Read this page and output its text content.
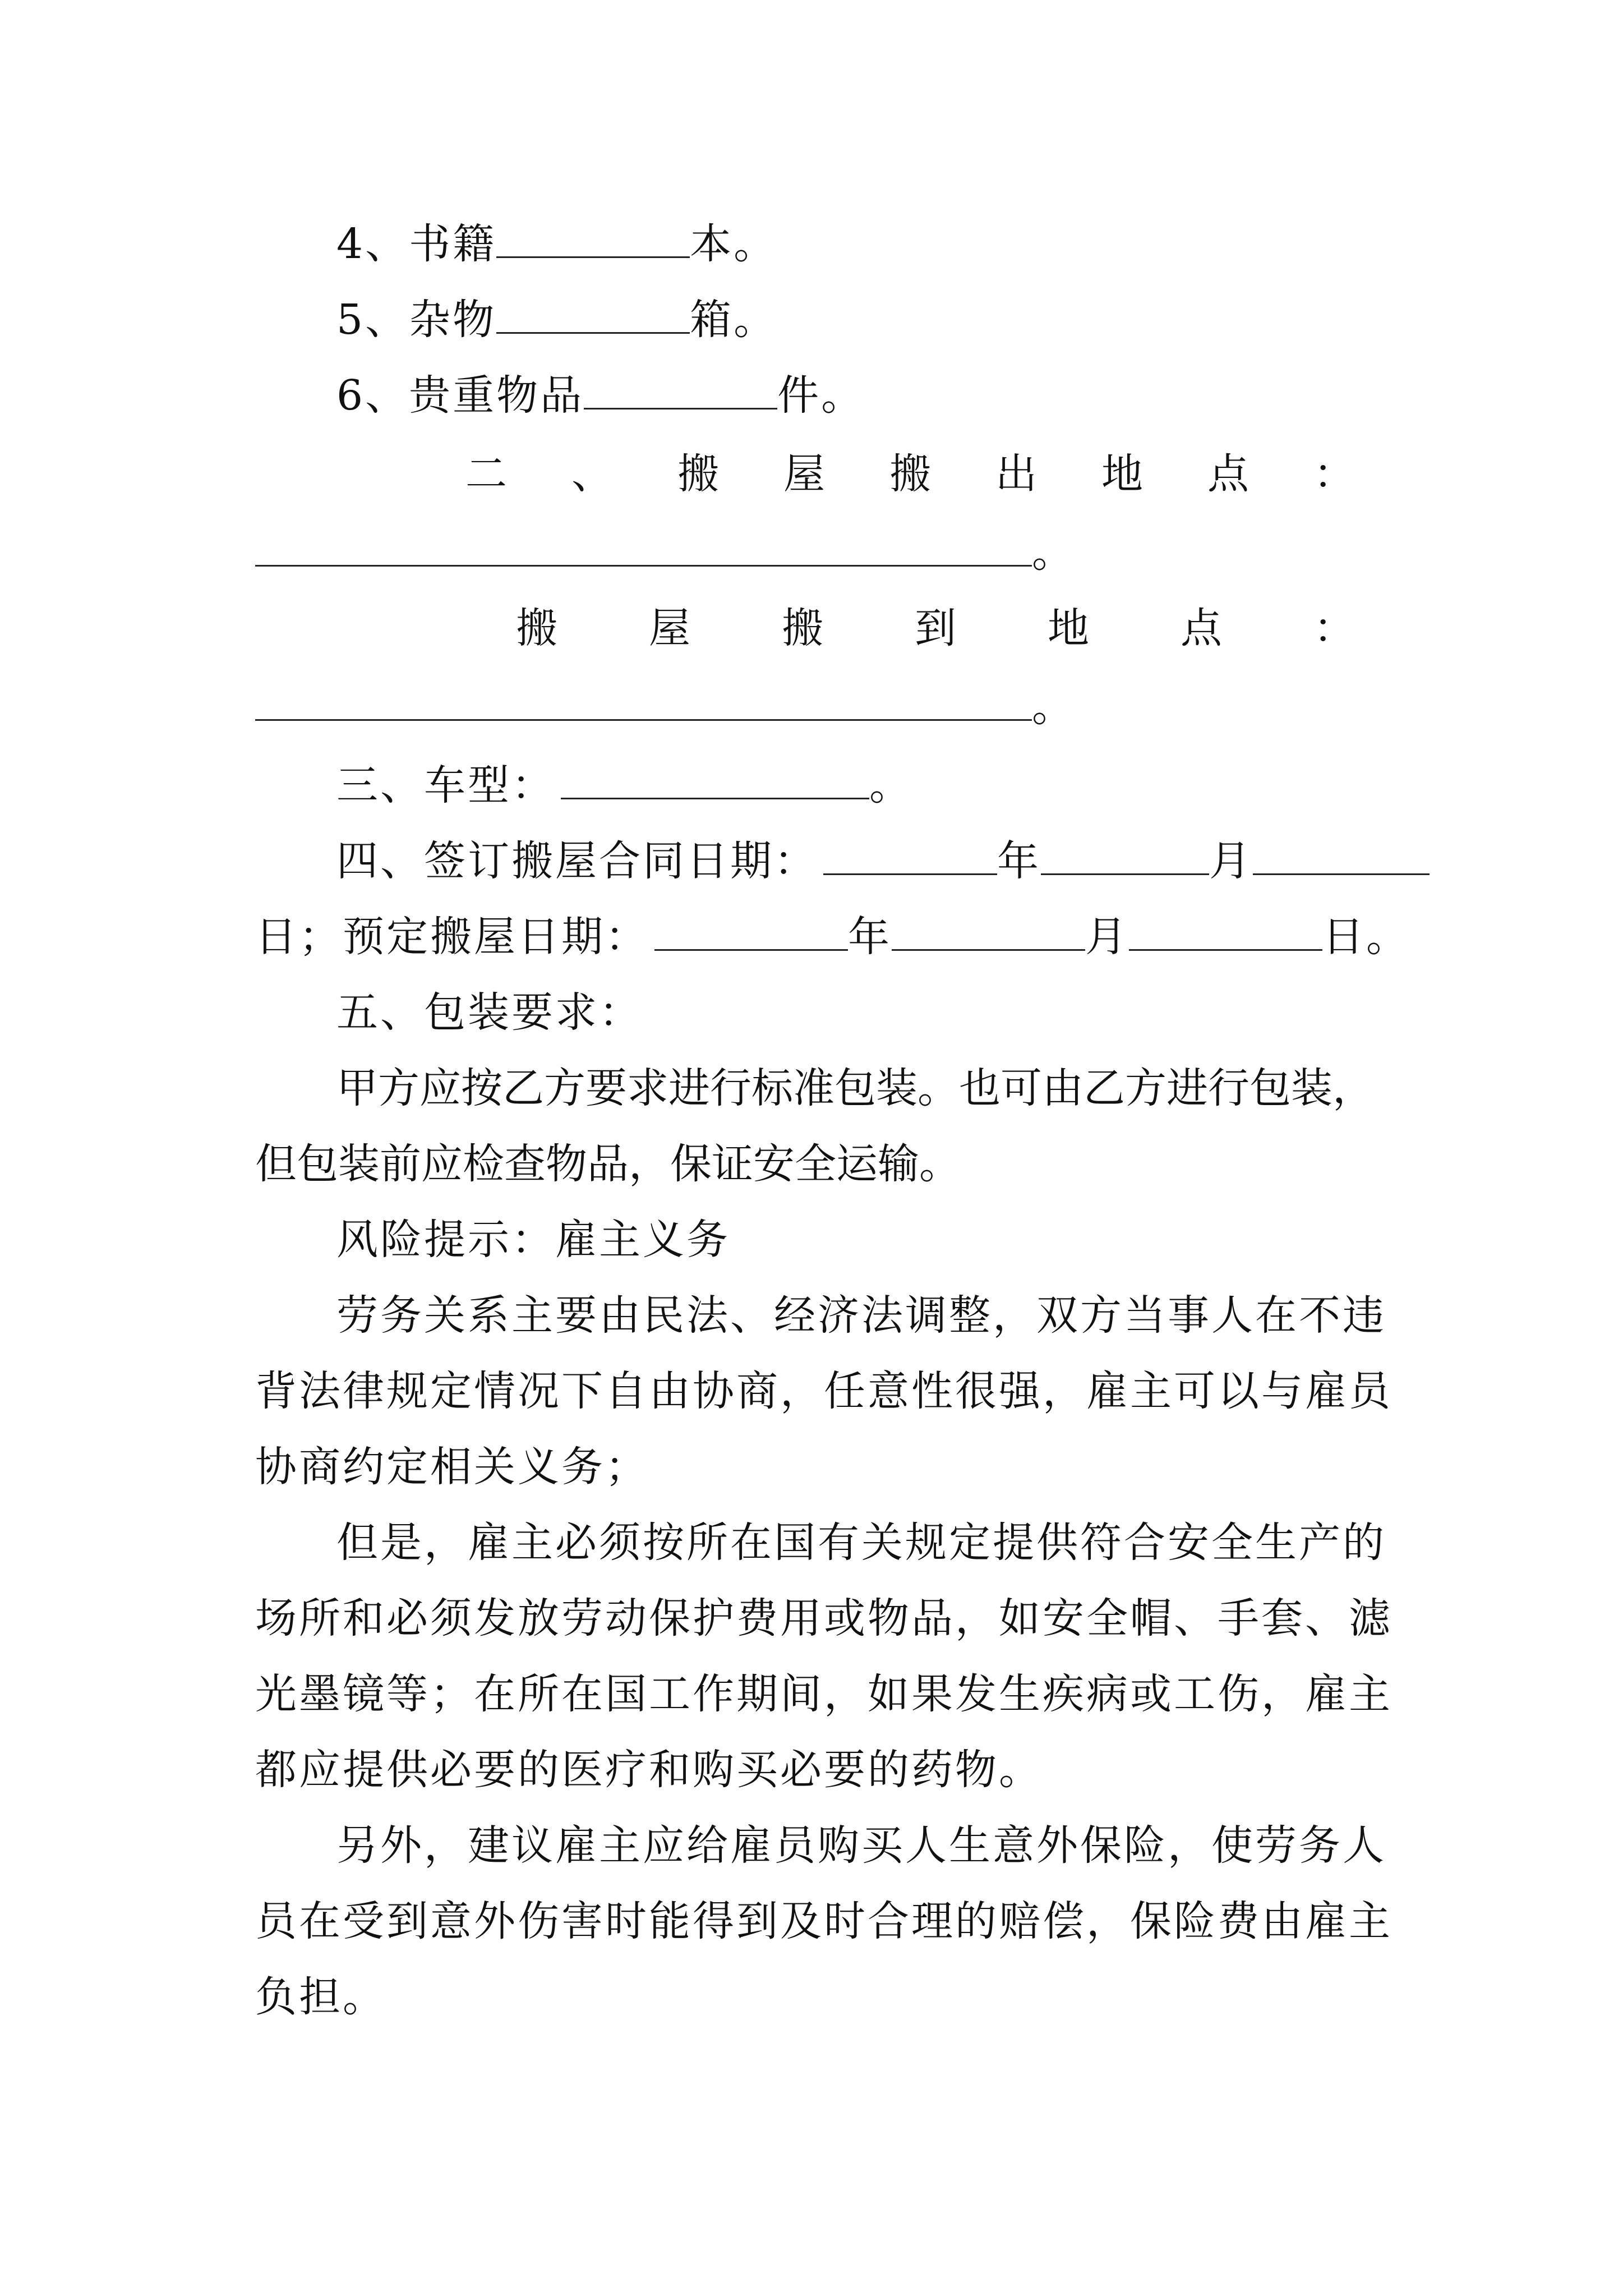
4、书籍	本。
5、杂物	箱。
6、贵重物品	件。
二 、 搬 屋 搬 出 地 点 ：
。
搬 屋 搬 到 地 点 ：
。
三、车型：	。
四、签订搬屋合同日期：	年	月
日；预定搬屋日期：	年	月	日。
五、包装要求：
甲方应按乙方要求进行标准包装。也可由乙方进行包装，
但包装前应检查物品，保证安全运输。
风险提示：雇主义务
劳务关系主要由民法、经济法调整，双方当事人在不违
背法律规定情况下自由协商，任意性很强，雇主可以与雇员
协商约定相关义务；
但是，雇主必须按所在国有关规定提供符合安全生产的
场所和必须发放劳动保护费用或物品，如安全帽、手套、滤
光墨镜等；在所在国工作期间，如果发生疾病或工伤，雇主
都应提供必要的医疗和购买必要的药物。
另外，建议雇主应给雇员购买人生意外保险，使劳务人
员在受到意外伤害时能得到及时合理的赔偿，保险费由雇主
负担。
